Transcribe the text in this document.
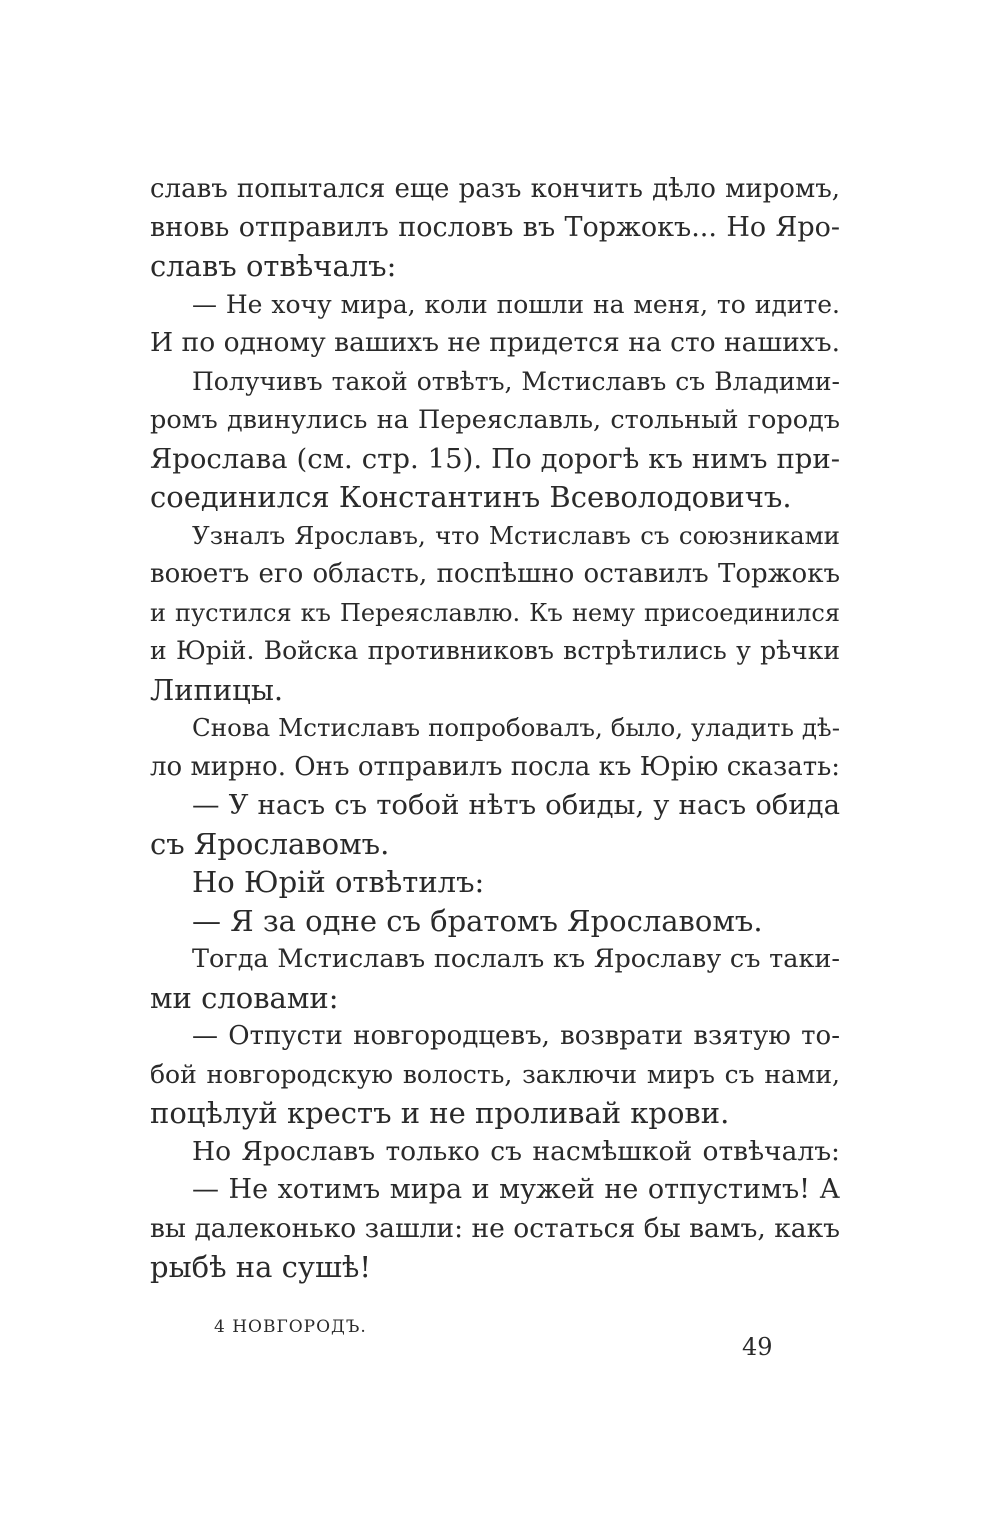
славъ попытался еще разъ кончить дѣло миромъ,
вновь отправилъ пословъ въ Торжокъ... Но Яро-
славъ отвѣчалъ:
— Не хочу мира, коли пошли на меня, то идите.
И по одному вашихъ не придется на сто нашихъ.
Получивъ такой отвѣтъ, Мстиславъ съ Владими-
ромъ двинулись на Переяславль, стольный городъ
Ярослава (см. стр. 15). По дорогѣ къ нимъ при-
соединился Константинъ Всеволодовичъ.
Узналъ Ярославъ, что Мстиславъ съ союзниками
воюетъ его область, поспѣшно оставилъ Торжокъ
и пустился къ Переяславлю. Къ нему присоединился
и Юрій. Войска противниковъ встрѣтились у рѣчки
Липицы.
Снова Мстиславъ попробовалъ, было, уладить дѣ-
ло мирно. Онъ отправилъ посла къ Юрію сказать:
— У насъ съ тобой нѣтъ обиды, у насъ обида
съ Ярославомъ.
Но Юрій отвѣтилъ:
— Я за одне съ братомъ Ярославомъ.
Тогда Мстиславъ послалъ къ Ярославу съ таки-
ми словами:
— Отпусти новгородцевъ, возврати взятую то-
бой новгородскую волость, заключи миръ съ нами,
поцѣлуй крестъ и не проливай крови.
Но Ярославъ только съ насмѣшкой отвѣчалъ:
— Не хотимъ мира и мужей не отпустимъ! А
вы далеконько зашли: не остаться бы вамъ, какъ
рыбѣ на сушѣ!
4 НОВГОРОДЪ.
49
